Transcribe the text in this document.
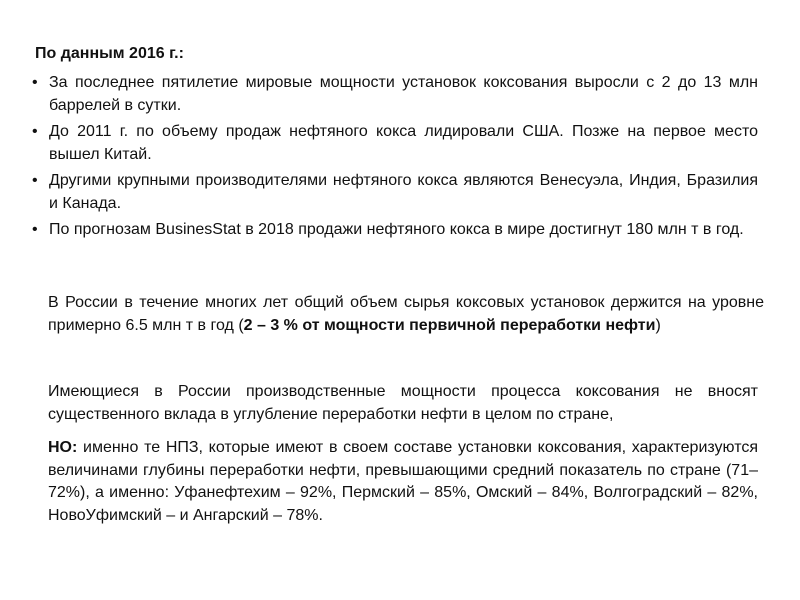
По данным 2016 г.:
• За последнее пятилетие мировые мощности установок коксования выросли с 2 до 13 млн баррелей в сутки.
• До 2011 г. по объему продаж нефтяного кокса лидировали США. Позже на первое место вышел Китай.
• Другими крупными производителями нефтяного кокса являются Венесуэла, Индия, Бразилия и Канада.
• По прогнозам BusinesStat в 2018 продажи нефтяного кокса в мире достигнут 180 млн т в год.

В России в течение многих лет общий объем сырья коксовых установок держится на уровне примерно 6.5 млн т в год (2 – 3 % от мощности первичной переработки нефти)

Имеющиеся в России производственные мощности процесса коксования не вносят существенного вклада в углубление переработки нефти в целом по стране,

НО: именно те НПЗ, которые имеют в своем составе установки коксования, характеризуются величинами глубины переработки нефти, превышающими средний показатель по стране (71–72%), а именно: Уфанефтехим – 92%, Пермский – 85%, Омский – 84%, Волгоградский – 82%, НовоУфимский – и Ангарский – 78%.
